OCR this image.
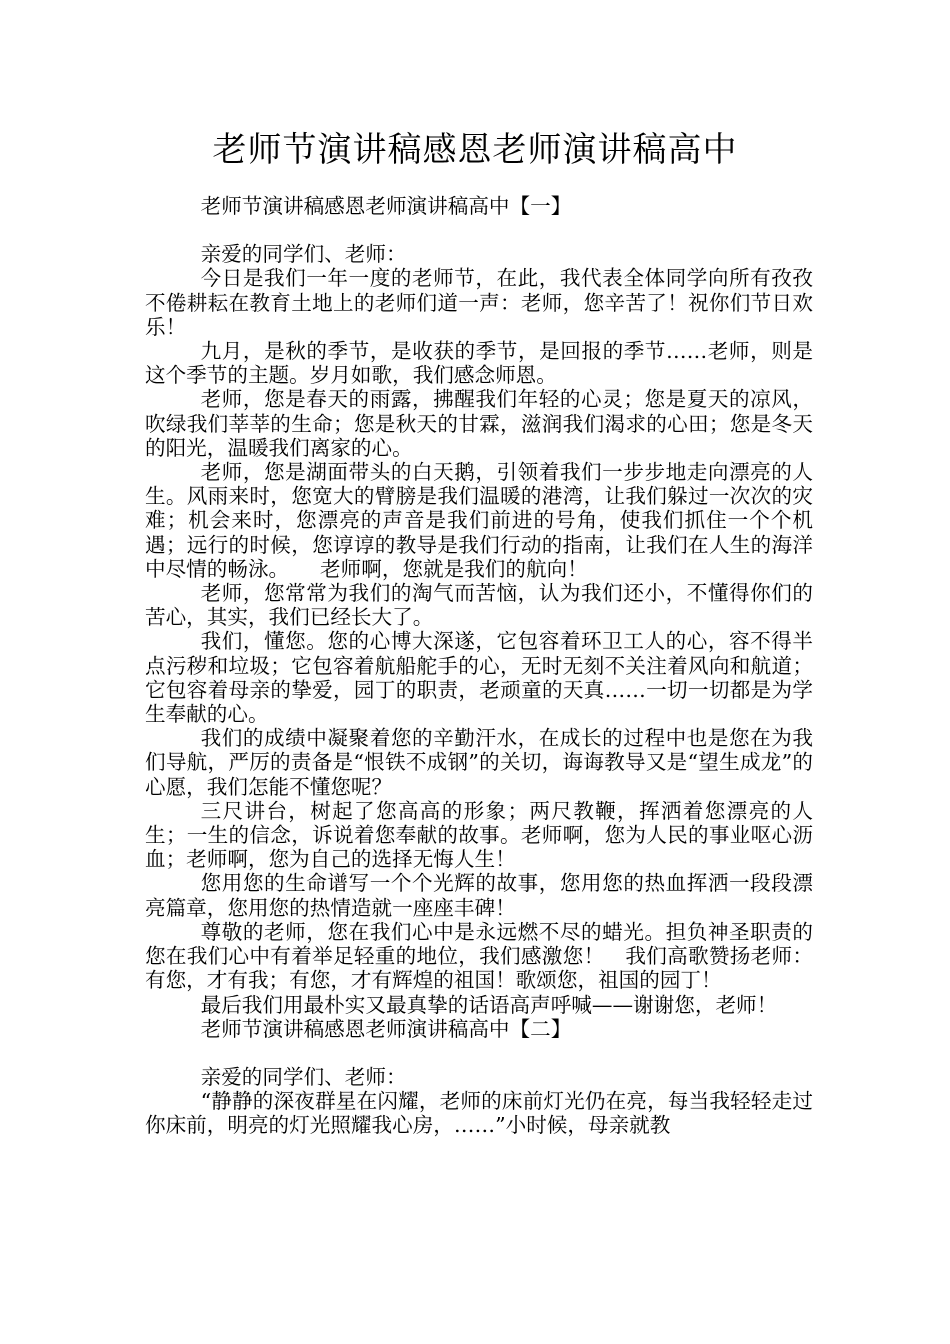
老师节演讲稿感恩老师演讲稿高中

老师节演讲稿感恩老师演讲稿高中【一】

亲爱的同学们、老师：

今日是我们一年一度的老师节，在此，我代表全体同学向所有孜孜不倦耕耘在教育土地上的老师们道一声：老师，您辛苦了！祝你们节日欢乐！

九月，是秋的季节，是收获的季节，是回报的季节……老师，则是这个季节的主题。岁月如歌，我们感念师恩。

老师，您是春天的雨露，拂醒我们年轻的心灵；您是夏天的凉风，吹绿我们莘莘的生命；您是秋天的甘霖，滋润我们渴求的心田；您是冬天的阳光，温暖我们离家的心。

老师，您是湖面带头的白天鹅，引领着我们一步步地走向漂亮的人生。风雨来时，您宽大的臂膀是我们温暖的港湾，让我们躲过一次次的灾难；机会来时，您漂亮的声音是我们前进的号角，使我们抓住一个个机遇；远行的时候，您谆谆的教导是我们行动的指南，让我们在人生的海洋中尽情的畅泳。　　老师啊，您就是我们的航向！

老师，您常常为我们的淘气而苦恼，认为我们还小，不懂得你们的苦心，其实，我们已经长大了。

我们，懂您。您的心博大深遂，它包容着环卫工人的心，容不得半点污秽和垃圾；它包容着航船舵手的心，无时无刻不关注着风向和航道；它包容着母亲的挚爱，园丁的职责，老顽童的天真……一切一切都是为学生奉献的心。

我们的成绩中凝聚着您的辛勤汗水，在成长的过程中也是您在为我们导航，严厉的责备是“恨铁不成钢”的关切，诲诲教导又是“望生成龙”的心愿，我们怎能不懂您呢？

三尺讲台，树起了您高高的形象；两尺教鞭，挥洒着您漂亮的人生；一生的信念，诉说着您奉献的故事。老师啊，您为人民的事业呕心沥血；老师啊，您为自己的选择无悔人生！

您用您的生命谱写一个个光辉的故事，您用您的热血挥洒一段段漂亮篇章，您用您的热情造就一座座丰碑！

尊敬的老师，您在我们心中是永远燃不尽的蜡光。担负神圣职责的您在我们心中有着举足轻重的地位，我们感激您！　我们高歌赞扬老师：有您，才有我；有您，才有辉煌的祖国！歌颂您，祖国的园丁！

最后我们用最朴实又最真挚的话语高声呼喊——谢谢您，老师！

老师节演讲稿感恩老师演讲稿高中【二】

亲爱的同学们、老师：

“静静的深夜群星在闪耀，老师的床前灯光仍在亮，每当我轻轻走过你床前，明亮的灯光照耀我心房，……”小时候，母亲就教
